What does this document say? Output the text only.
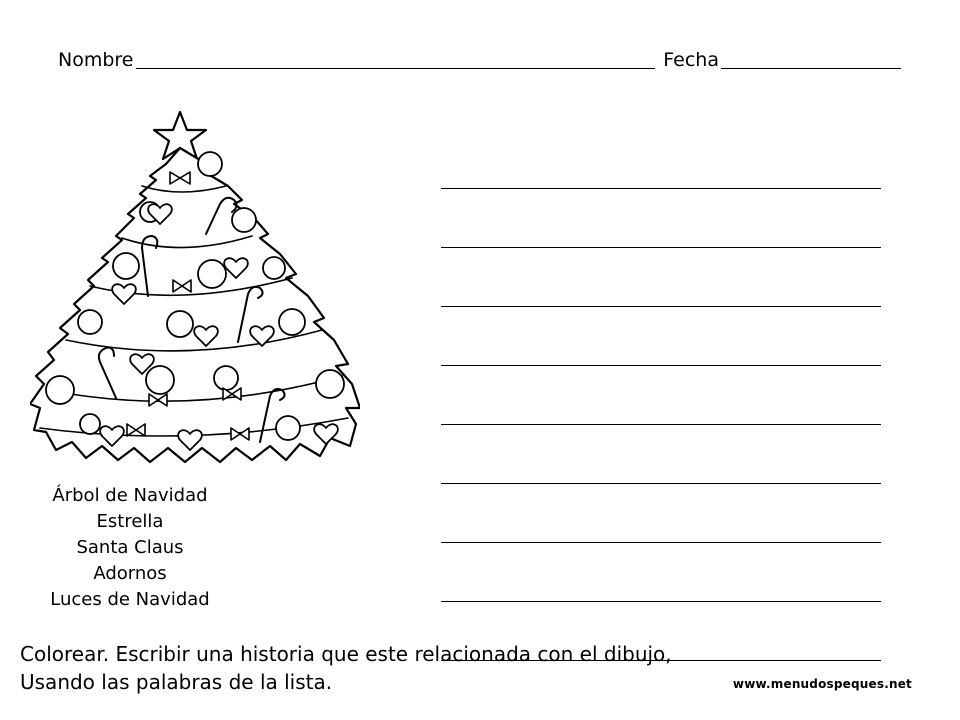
Nombre	Fecha
Árbol de Navidad
Estrella
Santa Claus
Adornos
Luces de Navidad
Colorear. Escribir una historia que este relacionada con el dibujo,
Usando las palabras de la lista.	www.menudospeques.net
